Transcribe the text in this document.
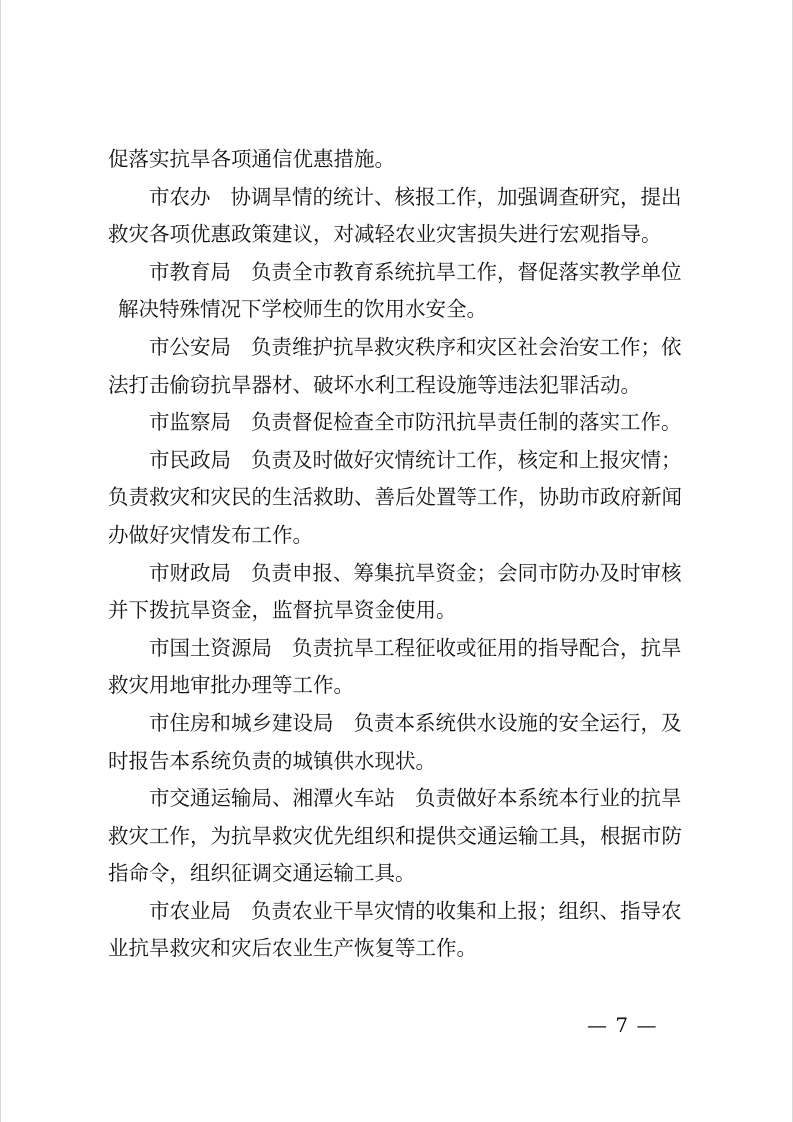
促落实抗旱各项通信优惠措施。

市农办 协调旱情的统计、核报工作，加强调查研究，提出

救灾各项优惠政策建议，对减轻农业灾害损失进行宏观指导。

市教育局 负责全市教育系统抗旱工作，督促落实教学单位

解决特殊情况下学校师生的饮用水安全。

市公安局 负责维护抗旱救灾秩序和灾区社会治安工作；依

法打击偷窃抗旱器材、破坏水利工程设施等违法犯罪活动。

市监察局 负责督促检查全市防汛抗旱责任制的落实工作。

市民政局 负责及时做好灾情统计工作，核定和上报灾情；

负责救灾和灾民的生活救助、善后处置等工作，协助市政府新闻

办做好灾情发布工作。

市财政局 负责申报、筹集抗旱资金；会同市防办及时审核

并下拨抗旱资金，监督抗旱资金使用。

市国土资源局 负责抗旱工程征收或征用的指导配合，抗旱

救灾用地审批办理等工作。

市住房和城乡建设局 负责本系统供水设施的安全运行，及

时报告本系统负责的城镇供水现状。

市交通运输局、湘潭火车站 负责做好本系统本行业的抗旱

救灾工作，为抗旱救灾优先组织和提供交通运输工具，根据市防

指命令，组织征调交通运输工具。

市农业局 负责农业干旱灾情的收集和上报；组织、指导农

业抗旱救灾和灾后农业生产恢复等工作。

— 7 —
